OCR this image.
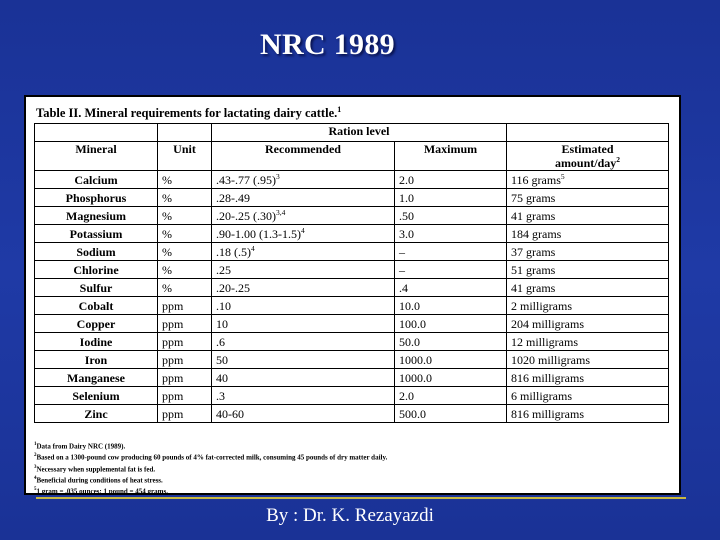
NRC 1989
Table II. Mineral requirements for lactating dairy cattle.$^1$
		Ration level			
Mineral	Unit	Recommended	Maximum	Estimated
amount/day$^2$	
Calcium	%	.43-.77 $(.95)^3$	2.0	116 grams$^5$	
Phosphorus	%	.28-.49	1.0	75 grams	
Magnesium	%	.20-.25 $(.30)^{3,4}$	.50	41 grams	
Potassium	%	.90-1.00 $(1.3-1.5)^4$	3.0	184 grams	
Sodium	%	.18 $(.5)^4$	–	37 grams	
Chlorine	%	.25	–	51 grams	
Sulfur	%	.20-.25	.4	41 grams	
Cobalt	ppm	.10	10.0	2 milligrams	
Copper	ppm	10	100.0	204 milligrams	
Iodine	ppm	.6	50.0	12 milligrams	
Iron	ppm	50	1000.0	1020 milligrams	
Manganese	ppm	40	1000.0	816 milligrams	
Selenium	ppm	.3	2.0	6 milligrams	
Zinc	ppm	40-60	500.0	816 milligrams	
$^1$Data from Dairy NRC (1989).
$^2$Based on a 1300-pound cow producing 60 pounds of 4% fat-corrected milk, consuming 45 pounds of dry matter daily.
$^3$Necessary when supplemental fat is fed.
$^4$Beneficial during conditions of heat stress.
$^5$1 gram = .035 ounces; 1 pound = 454 grams.
By : Dr. K. Rezayazdi
